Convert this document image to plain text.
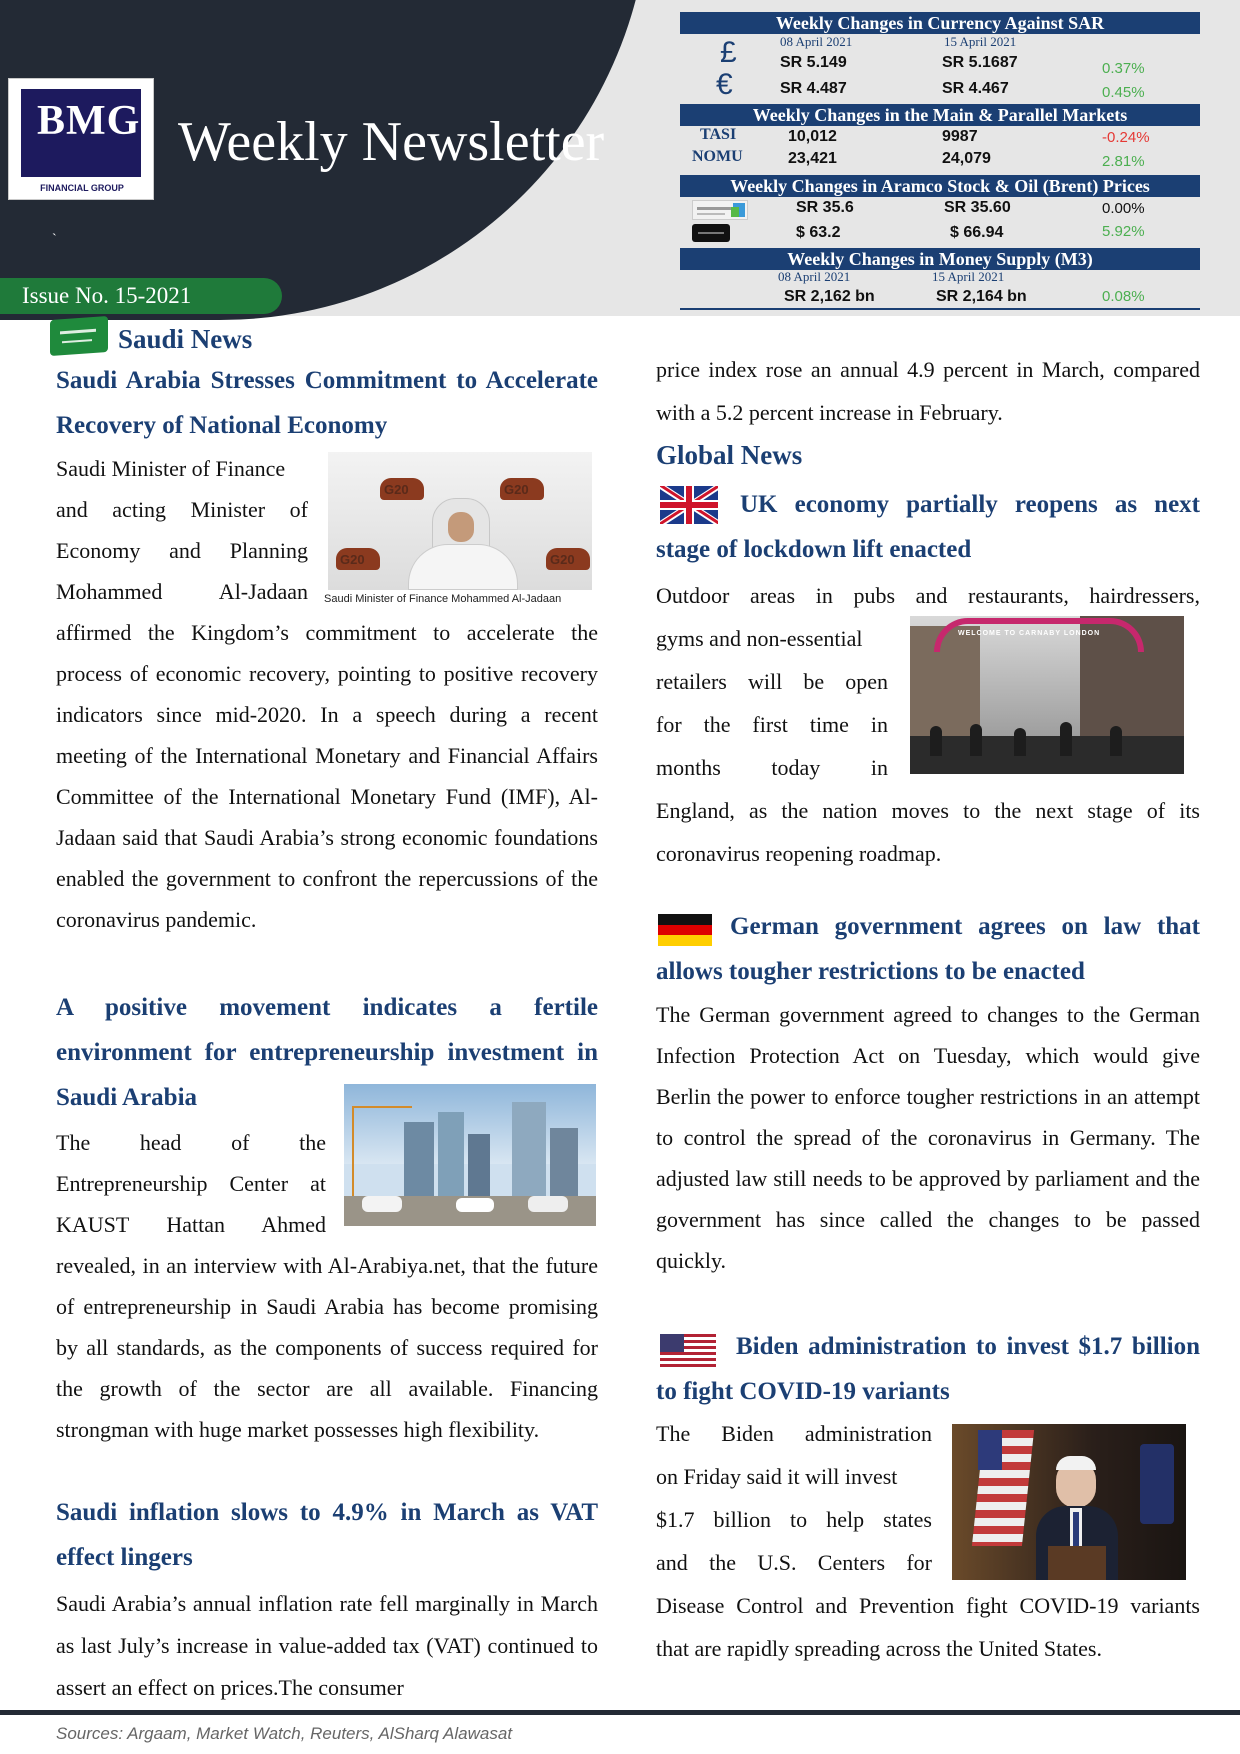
BMG
FINANCIAL GROUP
Weekly Newsletter
`
Issue No. 15-2021
Weekly Changes in Currency Against SAR
08 April 2021	15 April 2021
£	SR 5.149	SR 5.1687	0.37%
€	SR 4.487	SR 4.467	0.45%
Weekly Changes in the Main & Parallel Markets
TASI	10,012	9987	-0.24%
NOMU	23,421	24,079	2.81%
Weekly Changes in Aramco Stock & Oil (Brent) Prices
SR 35.6	SR 35.60	0.00%
$ 63.2	$ 66.94	5.92%
Weekly Changes in Money Supply (M3)
08 April 2021	15 April 2021
SR 2,162 bn	SR 2,164 bn	0.08%
Saudi News
Saudi Arabia Stresses Commitment to Accelerate Recovery of National Economy
Saudi Minister of Finance
and acting Minister of
Economy and Planning
Mohammed Al-Jadaan
G20	G20
G20	G20
Saudi Minister of Finance Mohammed Al-Jadaan
affirmed the Kingdom’s commitment to accelerate the process of economic recovery, pointing to positive recovery indicators since mid-2020. In a speech during a recent meeting of the International Monetary and Financial Affairs Committee of the International Monetary Fund (IMF), Al-Jadaan said that Saudi Arabia’s strong economic foundations enabled the government to confront the repercussions of the coronavirus pandemic.
A positive movement indicates a fertile environment for entrepreneurship investment in Saudi Arabia
The head of the
Entrepreneurship Center at
KAUST Hattan Ahmed
revealed, in an interview with Al-Arabiya.net, that the future of entrepreneurship in Saudi Arabia has become promising by all standards, as the components of success required for the growth of the sector are all available. Financing strongman with huge market possesses high flexibility.
Saudi inflation slows to 4.9% in March as VAT effect lingers
Saudi Arabia’s annual inflation rate fell marginally in March as last July’s increase in value-added tax (VAT) continued to assert an effect on prices.The consumer
price index rose an annual 4.9 percent in March, compared with a 5.2 percent increase in February.
Global News
UK economy partially reopens as next stage of lockdown lift enacted
Outdoor areas in pubs and restaurants, hairdressers,
gyms and non-essential
retailers will be open
for the first time in
months today in
WELCOME TO CARNABY LONDON
England, as the nation moves to the next stage of its coronavirus reopening roadmap.
German government agrees on law that allows tougher restrictions to be enacted
The German government agreed to changes to the German Infection Protection Act on Tuesday, which would give Berlin the power to enforce tougher restrictions in an attempt to control the spread of the coronavirus in Germany. The adjusted law still needs to be approved by parliament and the government has since called the changes to be passed quickly.
Biden administration to invest $1.7 billion to fight COVID-19 variants
The Biden administration
on Friday said it will invest
$1.7 billion to help states
and the U.S. Centers for
Disease Control and Prevention fight COVID-19 variants that are rapidly spreading across the United States.
Sources: Argaam, Market Watch, Reuters, AlSharq Alawasat
